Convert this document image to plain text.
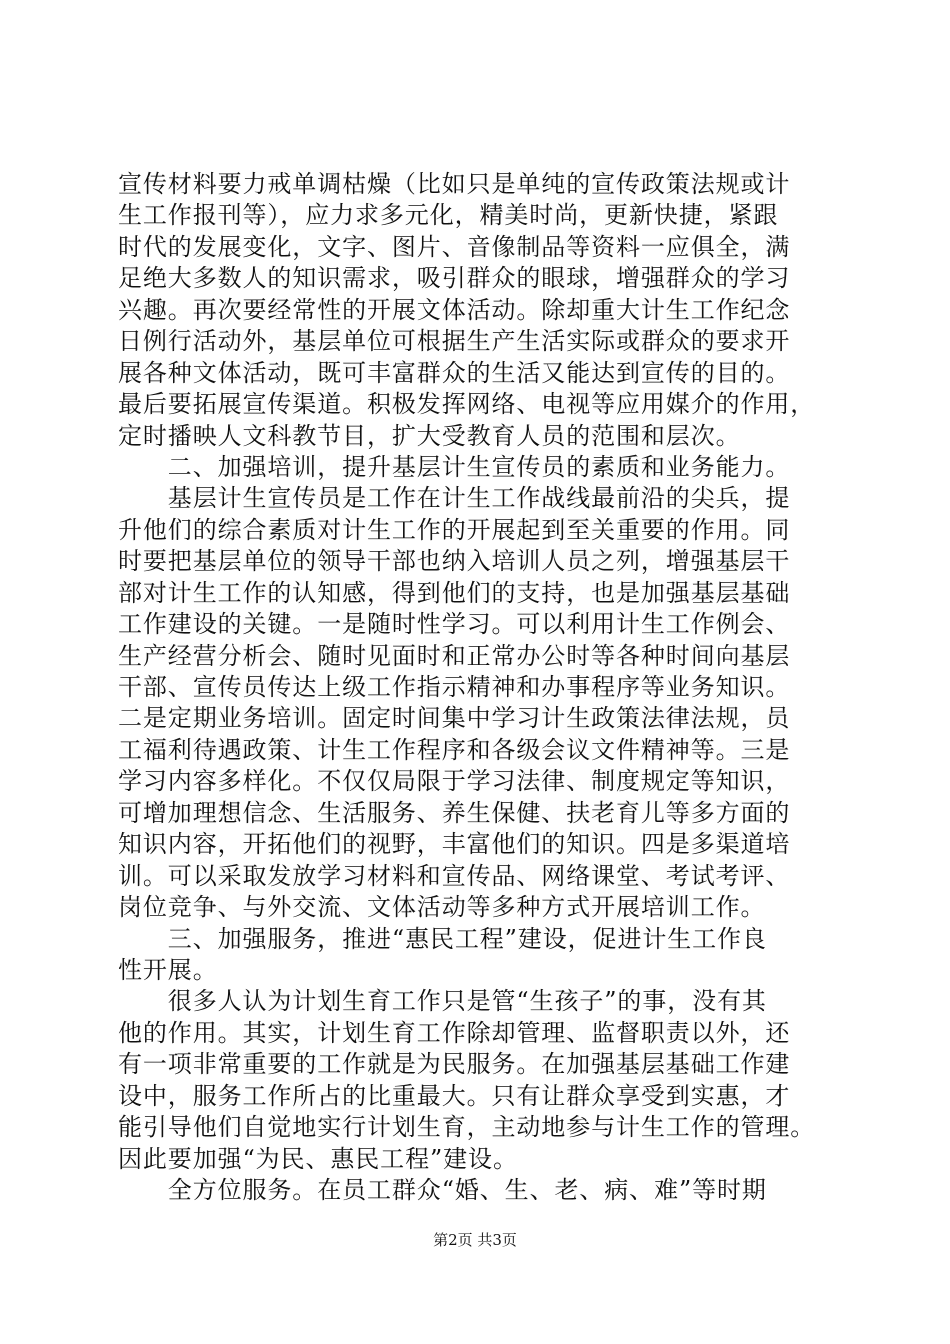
宣传材料要力戒单调枯燥（比如只是单纯的宣传政策法规或计
生工作报刊等），应力求多元化，精美时尚，更新快捷，紧跟
时代的发展变化，文字、图片、音像制品等资料一应俱全，满
足绝大多数人的知识需求，吸引群众的眼球，增强群众的学习
兴趣。再次要经常性的开展文体活动。除却重大计生工作纪念
日例行活动外，基层单位可根据生产生活实际或群众的要求开
展各种文体活动，既可丰富群众的生活又能达到宣传的目的。
最后要拓展宣传渠道。积极发挥网络、电视等应用媒介的作用，
定时播映人文科教节目，扩大受教育人员的范围和层次。
　　二、加强培训，提升基层计生宣传员的素质和业务能力。
　　基层计生宣传员是工作在计生工作战线最前沿的尖兵，提
升他们的综合素质对计生工作的开展起到至关重要的作用。同
时要把基层单位的领导干部也纳入培训人员之列，增强基层干
部对计生工作的认知感，得到他们的支持，也是加强基层基础
工作建设的关键。一是随时性学习。可以利用计生工作例会、
生产经营分析会、随时见面时和正常办公时等各种时间向基层
干部、宣传员传达上级工作指示精神和办事程序等业务知识。
二是定期业务培训。固定时间集中学习计生政策法律法规，员
工福利待遇政策、计生工作程序和各级会议文件精神等。三是
学习内容多样化。不仅仅局限于学习法律、制度规定等知识，
可增加理想信念、生活服务、养生保健、扶老育儿等多方面的
知识内容，开拓他们的视野，丰富他们的知识。四是多渠道培
训。可以采取发放学习材料和宣传品、网络课堂、考试考评、
岗位竞争、与外交流、文体活动等多种方式开展培训工作。
　　三、加强服务，推进“惠民工程”建设，促进计生工作良
性开展。
　　很多人认为计划生育工作只是管“生孩子”的事，没有其
他的作用。其实，计划生育工作除却管理、监督职责以外，还
有一项非常重要的工作就是为民服务。在加强基层基础工作建
设中，服务工作所占的比重最大。只有让群众享受到实惠，才
能引导他们自觉地实行计划生育，主动地参与计生工作的管理。
因此要加强“为民、惠民工程”建设。
　　全方位服务。在员工群众“婚、生、老、病、难”等时期
第2页 共3页
